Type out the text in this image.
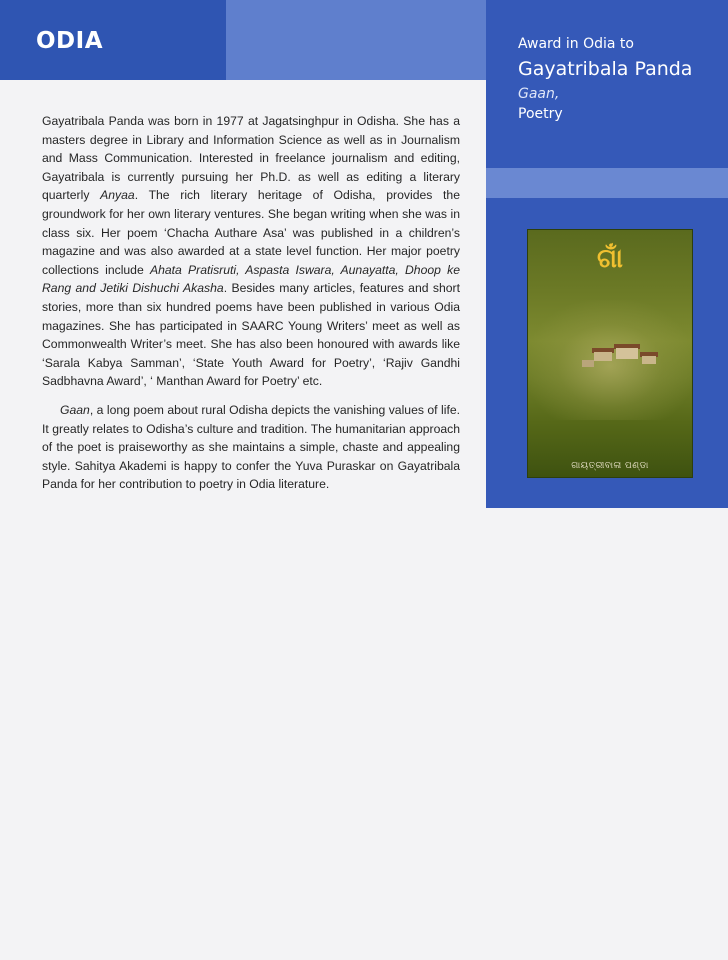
ODIA	Award in Odia to
Gayatribala Panda
Gaan,
Poetry
ଗାଁ
ଗାୟତ୍ରୀବାଳା ପଣ୍ଡା

Gayatribala Panda was born in 1977 at Jagatsinghpur in Odisha. She has a masters degree in Library and Information Science as well as in Journalism and Mass Communication. Interested in freelance journalism and editing, Gayatribala is currently pursuing her Ph.D. as well as editing a literary quarterly Anyaa. The rich literary heritage of Odisha, provides the groundwork for her own literary ventures. She began writing when she was in class six. Her poem ‘Chacha Authare Asa’ was published in a children’s magazine and was also awarded at a state level function. Her major poetry collections include Ahata Pratisruti, Aspasta Iswara, Aunayatta, Dhoop ke Rang and Jetiki Dishuchi Akasha. Besides many articles, features and short stories, more than six hundred poems have been published in various Odia magazines. She has participated in SAARC Young Writers’ meet as well as Commonwealth Writer’s meet. She has also been honoured with awards like ‘Sarala Kabya Samman’, ‘State Youth Award for Poetry’, ‘Rajiv Gandhi Sadbhavna Award’, ‘ Manthan Award for Poetry’ etc.

Gaan, a long poem about rural Odisha depicts the vanishing values of life. It greatly relates to Odisha’s culture and tradition. The humanitarian approach of the poet is praiseworthy as she maintains a simple, chaste and appealing style. Sahitya Akademi is happy to confer the Yuva Puraskar on Gayatribala Panda for her contribution to poetry in Odia literature.
